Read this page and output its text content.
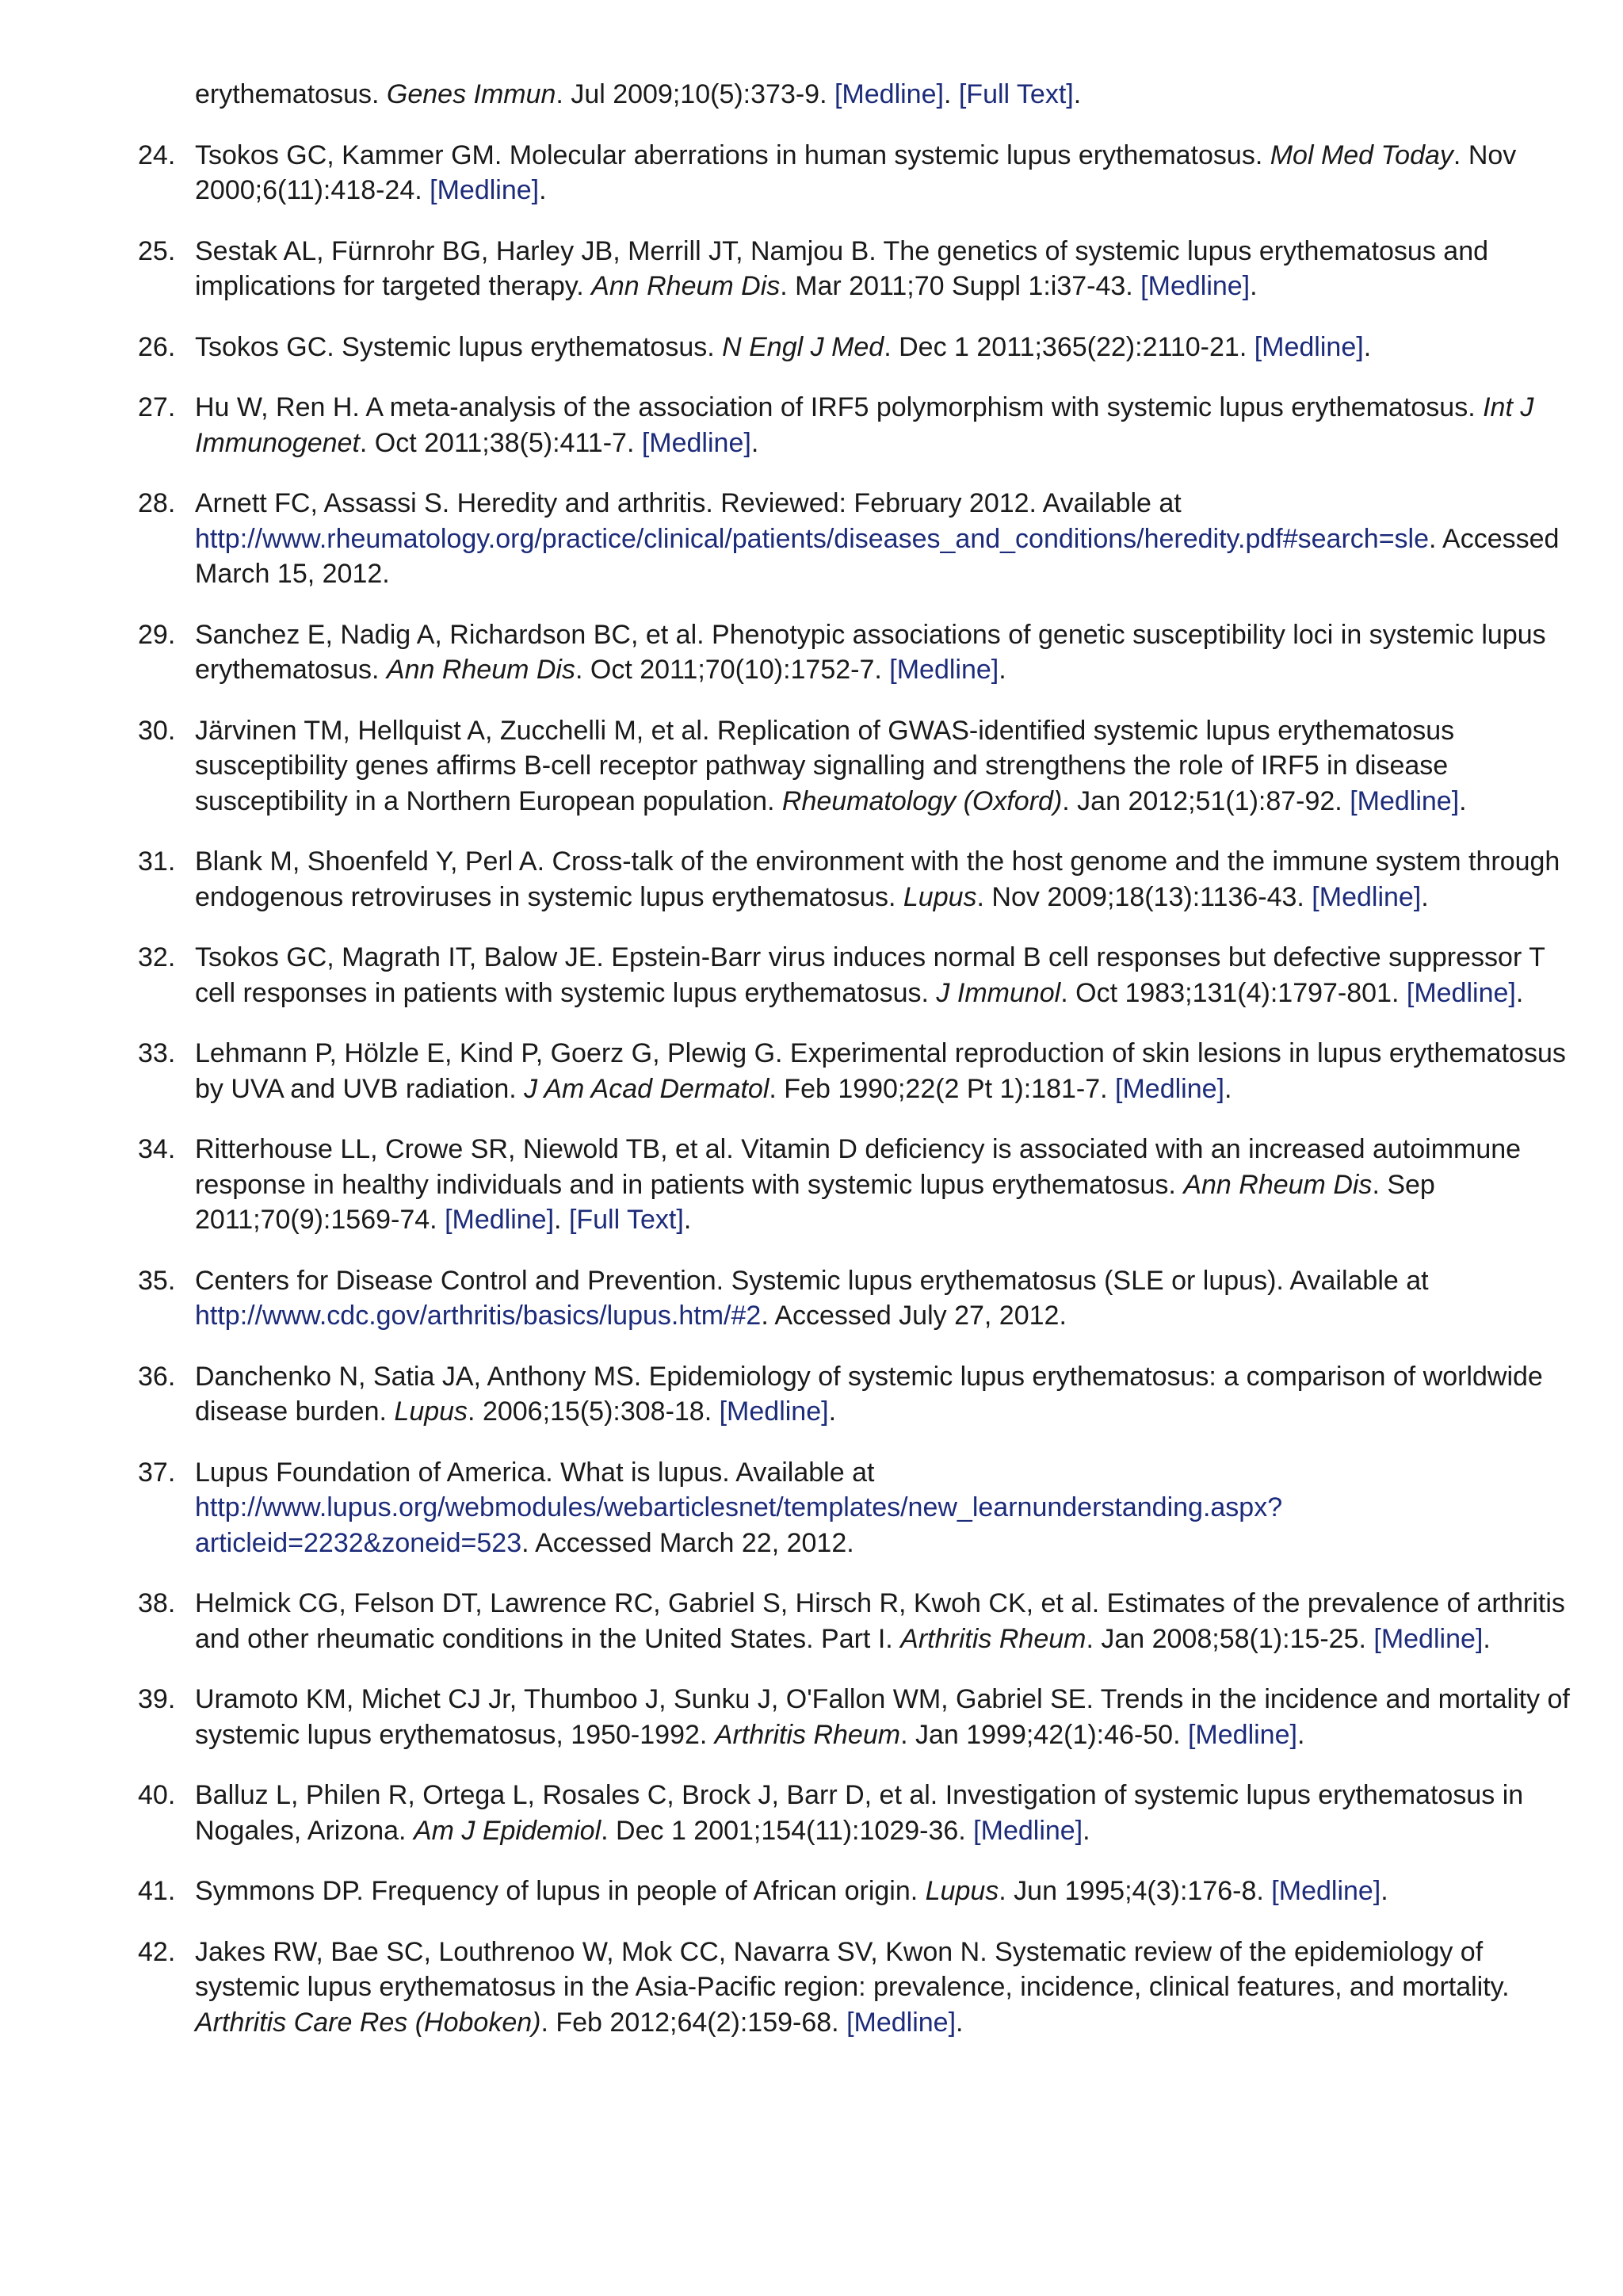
erythematosus. Genes Immun. Jul 2009;10(5):373-9. [Medline]. [Full Text].
24. Tsokos GC, Kammer GM. Molecular aberrations in human systemic lupus erythematosus. Mol Med Today. Nov 2000;6(11):418-24. [Medline].
25. Sestak AL, Fürnrohr BG, Harley JB, Merrill JT, Namjou B. The genetics of systemic lupus erythematosus and implications for targeted therapy. Ann Rheum Dis. Mar 2011;70 Suppl 1:i37-43. [Medline].
26. Tsokos GC. Systemic lupus erythematosus. N Engl J Med. Dec 1 2011;365(22):2110-21. [Medline].
27. Hu W, Ren H. A meta-analysis of the association of IRF5 polymorphism with systemic lupus erythematosus. Int J Immunogenet. Oct 2011;38(5):411-7. [Medline].
28. Arnett FC, Assassi S. Heredity and arthritis. Reviewed: February 2012. Available at http://www.rheumatology.org/practice/clinical/patients/diseases_and_conditions/heredity.pdf#search=sle. Accessed March 15, 2012.
29. Sanchez E, Nadig A, Richardson BC, et al. Phenotypic associations of genetic susceptibility loci in systemic lupus erythematosus. Ann Rheum Dis. Oct 2011;70(10):1752-7. [Medline].
30. Järvinen TM, Hellquist A, Zucchelli M, et al. Replication of GWAS-identified systemic lupus erythematosus susceptibility genes affirms B-cell receptor pathway signalling and strengthens the role of IRF5 in disease susceptibility in a Northern European population. Rheumatology (Oxford). Jan 2012;51(1):87-92. [Medline].
31. Blank M, Shoenfeld Y, Perl A. Cross-talk of the environment with the host genome and the immune system through endogenous retroviruses in systemic lupus erythematosus. Lupus. Nov 2009;18(13):1136-43. [Medline].
32. Tsokos GC, Magrath IT, Balow JE. Epstein-Barr virus induces normal B cell responses but defective suppressor T cell responses in patients with systemic lupus erythematosus. J Immunol. Oct 1983;131(4):1797-801. [Medline].
33. Lehmann P, Hölzle E, Kind P, Goerz G, Plewig G. Experimental reproduction of skin lesions in lupus erythematosus by UVA and UVB radiation. J Am Acad Dermatol. Feb 1990;22(2 Pt 1):181-7. [Medline].
34. Ritterhouse LL, Crowe SR, Niewold TB, et al. Vitamin D deficiency is associated with an increased autoimmune response in healthy individuals and in patients with systemic lupus erythematosus. Ann Rheum Dis. Sep 2011;70(9):1569-74. [Medline]. [Full Text].
35. Centers for Disease Control and Prevention. Systemic lupus erythematosus (SLE or lupus). Available at http://www.cdc.gov/arthritis/basics/lupus.htm/#2. Accessed July 27, 2012.
36. Danchenko N, Satia JA, Anthony MS. Epidemiology of systemic lupus erythematosus: a comparison of worldwide disease burden. Lupus. 2006;15(5):308-18. [Medline].
37. Lupus Foundation of America. What is lupus. Available at http://www.lupus.org/webmodules/webarticlesnet/templates/new_learnunderstanding.aspx?articleid=2232&zoneid=523. Accessed March 22, 2012.
38. Helmick CG, Felson DT, Lawrence RC, Gabriel S, Hirsch R, Kwoh CK, et al. Estimates of the prevalence of arthritis and other rheumatic conditions in the United States. Part I. Arthritis Rheum. Jan 2008;58(1):15-25. [Medline].
39. Uramoto KM, Michet CJ Jr, Thumboo J, Sunku J, O'Fallon WM, Gabriel SE. Trends in the incidence and mortality of systemic lupus erythematosus, 1950-1992. Arthritis Rheum. Jan 1999;42(1):46-50. [Medline].
40. Balluz L, Philen R, Ortega L, Rosales C, Brock J, Barr D, et al. Investigation of systemic lupus erythematosus in Nogales, Arizona. Am J Epidemiol. Dec 1 2001;154(11):1029-36. [Medline].
41. Symmons DP. Frequency of lupus in people of African origin. Lupus. Jun 1995;4(3):176-8. [Medline].
42. Jakes RW, Bae SC, Louthrenoo W, Mok CC, Navarra SV, Kwon N. Systematic review of the epidemiology of systemic lupus erythematosus in the Asia-Pacific region: prevalence, incidence, clinical features, and mortality. Arthritis Care Res (Hoboken). Feb 2012;64(2):159-68. [Medline].
